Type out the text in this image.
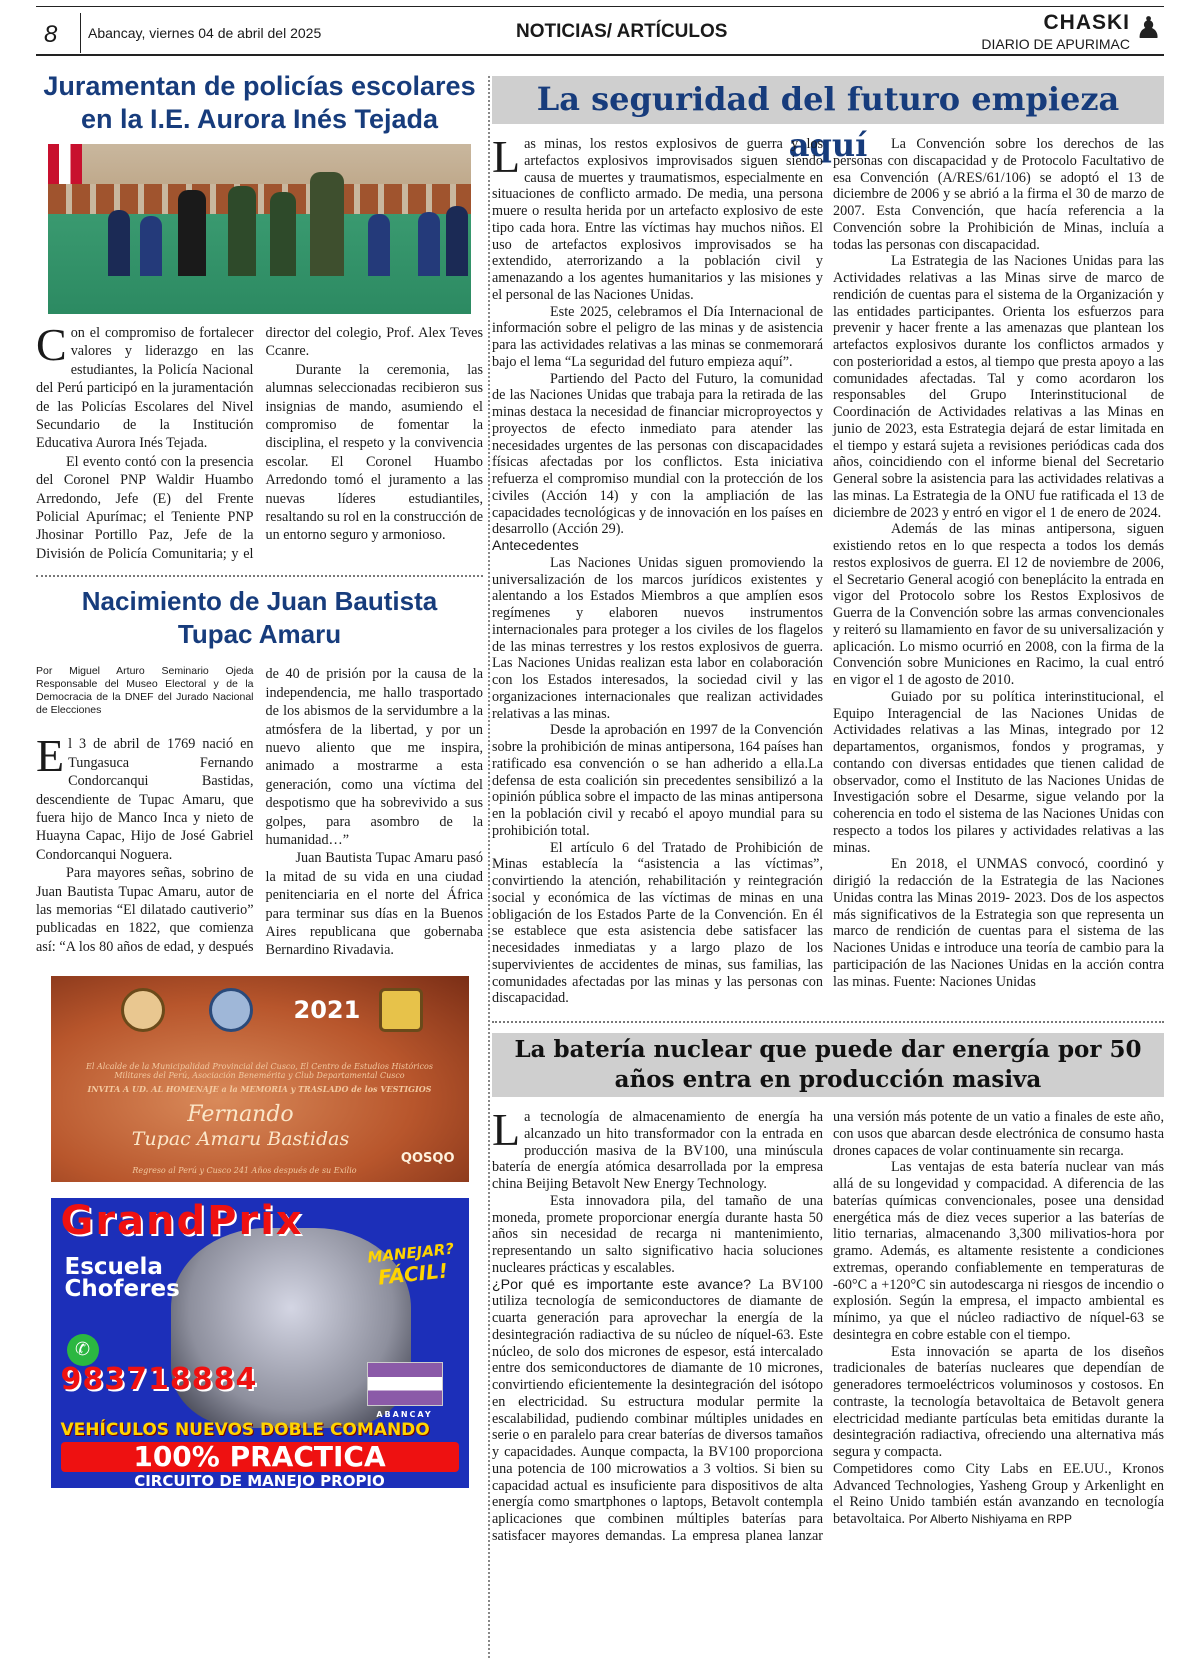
8 Abancay, viernes 04 de abril del 2025	NOTICIAS/ ARTÍCULOS	CHASKI
DIARIO DE APURIMAC ♟
Juramentan de policías escolares en la I.E. Aurora Inés Tejada

Con el compromiso de fortalecer valores y liderazgo en las estudiantes, la Policía Nacional del Perú participó en la juramentación de las Policías Escolares del Nivel Secundario de la Institución Educativa Aurora Inés Tejada.

El evento contó con la presencia del Coronel PNP Waldir Huambo Arredondo, Jefe (E) del Frente Policial Apurímac; el Teniente PNP Jhosinar Portillo Paz, Jefe de la División de Policía Comunitaria; y el director del colegio, Prof. Alex Teves Ccanre.

Durante la ceremonia, las alumnas seleccionadas recibieron sus insignias de mando, asumiendo el compromiso de fomentar la disciplina, el respeto y la convivencia escolar. El Coronel Huambo Arredondo tomó el juramento a las nuevas líderes estudiantiles, resaltando su rol en la construcción de un entorno seguro y armonioso.

Nacimiento de Juan Bautista Tupac Amaru
Por Miguel Arturo Seminario Ojeda Responsable del Museo Electoral y de la Democracia de la DNEF del Jurado Nacional de Elecciones

El 3 de abril de 1769 nació en Tungasuca Fernando Condorcanqui Bastidas, descendiente de Tupac Amaru, que fuera hijo de Manco Inca y nieto de Huayna Capac, Hijo de José Gabriel Condorcanqui Noguera.

Para mayores señas, sobrino de Juan Bautista Tupac Amaru, autor de las memorias “El dilatado cautiverio” publicadas en 1822, que comienza así: “A los 80 años de edad, y después de 40 de prisión por la causa de la independencia, me hallo trasportado de los abismos de la servidumbre a la atmósfera de la libertad, y por un nuevo aliento que me inspira, animado a mostrarme a esta generación, como una víctima del despotismo que ha sobrevivido a sus golpes, para asombro de la humanidad…”

Juan Bautista Tupac Amaru pasó la mitad de su vida en una ciudad penitenciaria en el norte del África para terminar sus días en la Buenos Aires republicana que gobernaba Bernardino Rivadavia.

2021
El Alcalde de la Municipalidad Provincial del Cusco, El Centro de Estudios Históricos Militares del Perú, Asociación Benemérita y Club Departamental Cusco
INVITA A UD. AL HOMENAJE a la MEMORIA y TRASLADO de los VESTIGIOS
Fernando
Tupac Amaru Bastidas
Regreso al Perú y Cusco 241 Años después de su Exilio
QOSQO
GrandPrix
Escuela
Choferes
MANEJAR?
FÁCIL!
✆
983718884
ABANCAY
VEHÍCULOS NUEVOS DOBLE COMANDO
100% PRACTICA
CIRCUITO DE MANEJO PROPIO
La seguridad del futuro empieza aquí

Las minas, los restos explosivos de guerra y los artefactos explosivos improvisados siguen siendo causa de muertes y traumatismos, especialmente en situaciones de conflicto armado. De media, una persona muere o resulta herida por un artefacto explosivo de este tipo cada hora. Entre las víctimas hay muchos niños. El uso de artefactos explosivos improvisados se ha extendido, aterrorizando a la población civil y amenazando a los agentes humanitarios y las misiones y el personal de las Naciones Unidas.

Este 2025, celebramos el Día Internacional de información sobre el peligro de las minas y de asistencia para las actividades relativas a las minas se conmemorará bajo el lema “La seguridad del futuro empieza aquí”.

Partiendo del Pacto del Futuro, la comunidad de las Naciones Unidas que trabaja para la retirada de las minas destaca la necesidad de financiar microproyectos y proyectos de efecto inmediato para atender las necesidades urgentes de las personas con discapacidades físicas afectadas por los conflictos. Esta iniciativa refuerza el compromiso mundial con la protección de los civiles (Acción 14) y con la ampliación de las capacidades tecnológicas y de innovación en los países en desarrollo (Acción 29).

Antecedentes

Las Naciones Unidas siguen promoviendo la universalización de los marcos jurídicos existentes y alentando a los Estados Miembros a que amplíen esos regímenes y elaboren nuevos instrumentos internacionales para proteger a los civiles de los flagelos de las minas terrestres y los restos explosivos de guerra. Las Naciones Unidas realizan esta labor en colaboración con los Estados interesados, la sociedad civil y las organizaciones internacionales que realizan actividades relativas a las minas.

Desde la aprobación en 1997 de la Convención sobre la prohibición de minas antipersona, 164 países han ratificado esa convención o se han adherido a ella.La defensa de esta coalición sin precedentes sensibilizó a la opinión pública sobre el impacto de las minas antipersona en la población civil y recabó el apoyo mundial para su prohibición total.

El artículo 6 del Tratado de Prohibición de Minas establecía la “asistencia a las víctimas”, convirtiendo la atención, rehabilitación y reintegración social y económica de las víctimas de minas en una obligación de los Estados Parte de la Convención. En él se establece que esta asistencia debe satisfacer las necesidades inmediatas y a largo plazo de los supervivientes de accidentes de minas, sus familias, las comunidades afectadas por las minas y las personas con discapacidad.

La Convención sobre los derechos de las personas con discapacidad y de Protocolo Facultativo de esa Convención (A/RES/61/106) se adoptó el 13 de diciembre de 2006 y se abrió a la firma el 30 de marzo de 2007. Esta Convención, que hacía referencia a la Convención sobre la Prohibición de Minas, incluía a todas las personas con discapacidad.

La Estrategia de las Naciones Unidas para las Actividades relativas a las Minas sirve de marco de rendición de cuentas para el sistema de la Organización y las entidades participantes. Orienta los esfuerzos para prevenir y hacer frente a las amenazas que plantean los artefactos explosivos durante los conflictos armados y con posterioridad a estos, al tiempo que presta apoyo a las comunidades afectadas. Tal y como acordaron los responsables del Grupo Interinstitucional de Coordinación de Actividades relativas a las Minas en junio de 2023, esta Estrategia dejará de estar limitada en el tiempo y estará sujeta a revisiones periódicas cada dos años, coincidiendo con el informe bienal del Secretario General sobre la asistencia para las actividades relativas a las minas. La Estrategia de la ONU fue ratificada el 13 de diciembre de 2023 y entró en vigor el 1 de enero de 2024.

Además de las minas antipersona, siguen existiendo retos en lo que respecta a todos los demás restos explosivos de guerra. El 12 de noviembre de 2006, el Secretario General acogió con beneplácito la entrada en vigor del Protocolo sobre los Restos Explosivos de Guerra de la Convención sobre las armas convencionales y reiteró su llamamiento en favor de su universalización y aplicación. Lo mismo ocurrió en 2008, con la firma de la Convención sobre Municiones en Racimo, la cual entró en vigor el 1 de agosto de 2010.

Guiado por su política interinstitucional, el Equipo Interagencial de las Naciones Unidas de Actividades relativas a las Minas, integrado por 12 departamentos, organismos, fondos y programas, y contando con diversas entidades que tienen calidad de observador, como el Instituto de las Naciones Unidas de Investigación sobre el Desarme, sigue velando por la coherencia en todo el sistema de las Naciones Unidas con respecto a todos los pilares y actividades relativas a las minas.

En 2018, el UNMAS convocó, coordinó y dirigió la redacción de la Estrategia de las Naciones Unidas contra las Minas 2019- 2023. Dos de los aspectos más significativos de la Estrategia son que representa un marco de rendición de cuentas para el sistema de las Naciones Unidas e introduce una teoría de cambio para la participación de las Naciones Unidas en la acción contra las minas. Fuente: Naciones Unidas

La batería nuclear que puede dar energía por 50 años entra en producción masiva

La tecnología de almacenamiento de energía ha alcanzado un hito transformador con la entrada en producción masiva de la BV100, una minúscula batería de energía atómica desarrollada por la empresa china Beijing Betavolt New Energy Technology.

Esta innovadora pila, del tamaño de una moneda, promete proporcionar energía durante hasta 50 años sin necesidad de recarga ni mantenimiento, representando un salto significativo hacia soluciones nucleares prácticas y escalables.

¿Por qué es importante este avance? La BV100 utiliza tecnología de semiconductores de diamante de cuarta generación para aprovechar la energía de la desintegración radiactiva de su núcleo de níquel-63. Este núcleo, de solo dos micrones de espesor, está intercalado entre dos semiconductores de diamante de 10 micrones, convirtiendo eficientemente la desintegración del isótopo en electricidad. Su estructura modular permite la escalabilidad, pudiendo combinar múltiples unidades en serie o en paralelo para crear baterías de diversos tamaños y capacidades. Aunque compacta, la BV100 proporciona una potencia de 100 microwatios a 3 voltios. Si bien su capacidad actual es insuficiente para dispositivos de alta energía como smartphones o laptops, Betavolt contempla aplicaciones que combinen múltiples baterías para satisfacer mayores demandas. La empresa planea lanzar una versión más potente de un vatio a finales de este año, con usos que abarcan desde electrónica de consumo hasta drones capaces de volar continuamente sin recarga.

Las ventajas de esta batería nuclear van más allá de su longevidad y compacidad. A diferencia de las baterías químicas convencionales, posee una densidad energética más de diez veces superior a las baterías de litio ternarias, almacenando 3,300 milivatios-hora por gramo. Además, es altamente resistente a condiciones extremas, operando confiablemente en temperaturas de -60°C a +120°C sin autodescarga ni riesgos de incendio o explosión. Según la empresa, el impacto ambiental es mínimo, ya que el núcleo radiactivo de níquel-63 se desintegra en cobre estable con el tiempo.

Esta innovación se aparta de los diseños tradicionales de baterías nucleares que dependían de generadores termoeléctricos voluminosos y costosos. En contraste, la tecnología betavoltaica de Betavolt genera electricidad mediante partículas beta emitidas durante la desintegración radiactiva, ofreciendo una alternativa más segura y compacta.

Competidores como City Labs en EE.UU., Kronos Advanced Technologies, Yasheng Group y Arkenlight en el Reino Unido también están avanzando en tecnología betavoltaica. Por Alberto Nishiyama en RPP
